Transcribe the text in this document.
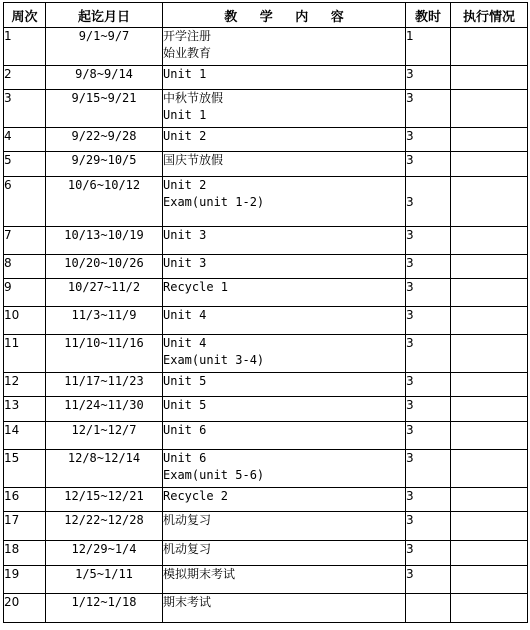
周次	起讫月日	教 学 内 容	教时	执行情况
1	9/1~9/7	开学注册
始业教育	1	

2	9/8~9/14	Unit 1	3	

3	9/15~9/21	中秋节放假
Unit 1	3	

4	9/22~9/28	Unit 2	3	

5	9/29~10/5	国庆节放假	3	

6	10/6~10/12	Unit 2
Exam(unit 1-2)	3	

7	10/13~10/19	Unit 3	3	

8	10/20~10/26	Unit 3	3	

9	10/27~11/2	Recycle 1	3	

10	11/3~11/9	Unit 4	3	

11	11/10~11/16	Unit 4
Exam(unit 3-4)	3	

12	11/17~11/23	Unit 5	3	

13	11/24~11/30	Unit 5	3	

14	12/1~12/7	Unit 6	3	

15	12/8~12/14	Unit 6
Exam(unit 5-6)	3	

16	12/15~12/21	Recycle 2	3	

17	12/22~12/28	机动复习	3	

18	12/29~1/4	机动复习	3	

19	1/5~1/11	模拟期末考试	3	

20	1/12~1/18	期末考试		
